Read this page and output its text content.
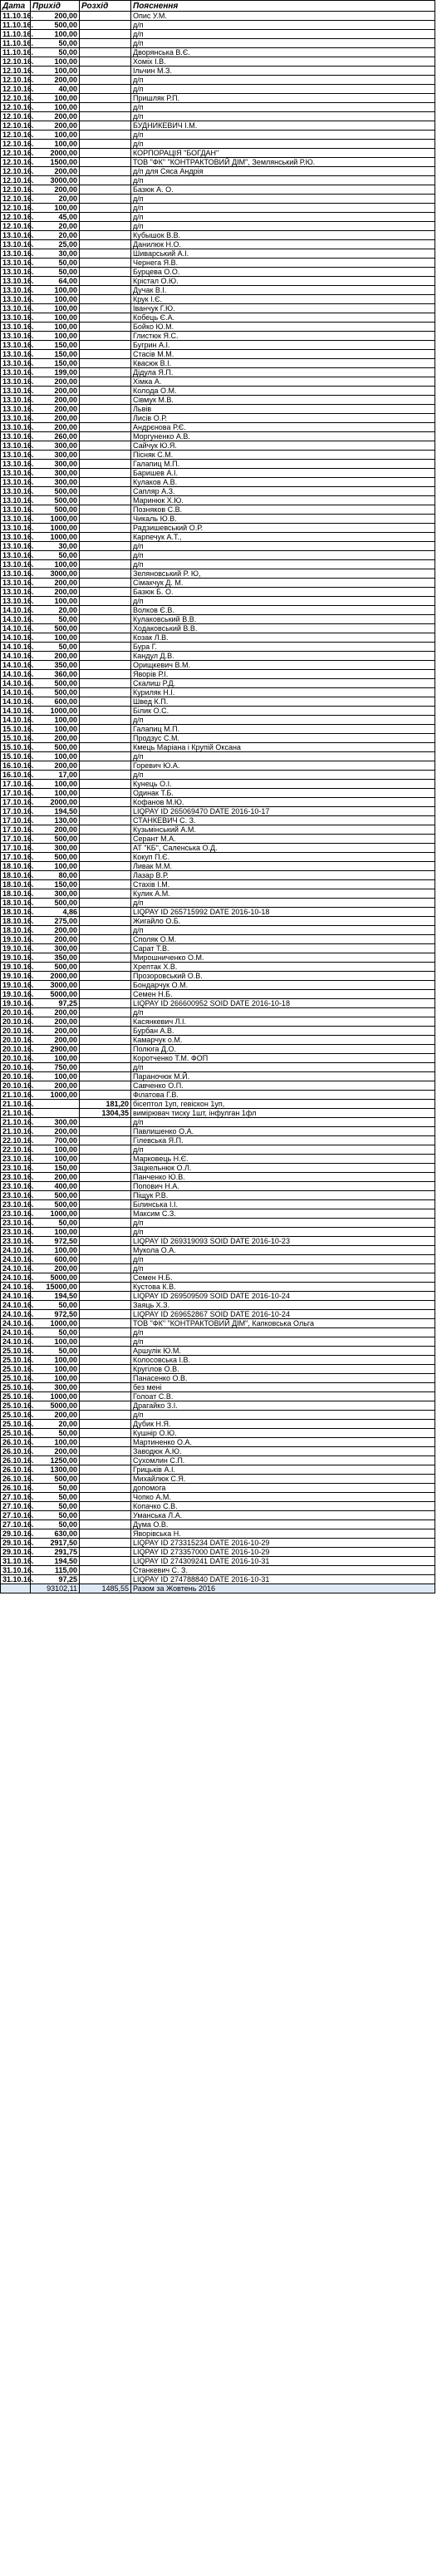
Дата	Прихід	Розхід	Пояснення
11.10.16.	200,00		Опис У.М.
11.10.16.	500,00		д/п
11.10.16.	100,00		д/п
11.10.16.	50,00		д/п
11.10.16.	50,00		Дворянська В.Є.
12.10.16.	100,00		Хоміх І.В.
12.10.16.	100,00		Ільчин М.З.
12.10.16.	200,00		д/п
12.10.16.	40,00		д/п
12.10.16.	100,00		Пришляк Р.П.
12.10.16.	100,00		д/п
12.10.16.	200,00		д/п
12.10.16.	200,00		БУДНИКЕВИЧ І.М.
12.10.16.	100,00		д/п
12.10.16.	100,00		д/п
12.10.16.	2000,00		КОРПОРАЦІЯ "БОГДАН"
12.10.16.	1500,00		ТОВ "ФК" "КОНТРАКТОВИЙ ДІМ", Землянський Р.Ю.
12.10.16.	200,00		д/п для Сяса Андрія
12.10.16.	3000,00		д/п
12.10.16.	200,00		Базюк А. О.
12.10.16.	20,00		д/п
12.10.16.	100,00		д/п
12.10.16.	45,00		д/п
12.10.16.	20,00		д/п
13.10.16.	20,00		Кубышок В.В.
13.10.16.	25,00		Данилюк Н.О.
13.10.16.	30,00		Шиварський А.І.
13.10.16.	50,00		Чернега Я.В.
13.10.16.	50,00		Бурцева О.О.
13.10.16.	64,00		Крістал О.Ю.
13.10.16.	100,00		Дучак В.І.
13.10.16.	100,00		Крук І.Є.
13.10.16.	100,00		Іванчук Г.Ю.
13.10.16.	100,00		Кобець Є.А.
13.10.16.	100,00		Бойко Ю.М.
13.10.16.	100,00		Глистюк Я.С.
13.10.16.	150,00		Бугрин А.І.
13.10.16.	150,00		Стасів М.М.
13.10.16.	150,00		Квасюк В.І.
13.10.16.	199,00		Дідула Я.П.
13.10.16.	200,00		Хімка А.
13.10.16.	200,00		Колода О.М.
13.10.16.	200,00		Сівмук М.В.
13.10.16.	200,00		Львів
13.10.16.	200,00		Лисів О.Р.
13.10.16.	200,00		Андрєнова Р.Є.
13.10.16.	260,00		Моргуненко А.В.
13.10.16.	300,00		Сайчук Ю.Я.
13.10.16.	300,00		Пісняк С.М.
13.10.16.	300,00		Галапиц М.П.
13.10.16.	300,00		Баришев А.І.
13.10.16.	300,00		Кулаков А.В.
13.10.16.	500,00		Сапляр А.З.
13.10.16.	500,00		Маринюк Х.Ю.
13.10.16.	500,00		Позняков С.В.
13.10.16.	1000,00		Чикаль Ю.В.
13.10.16.	1000,00		Радзишевський О.Р.
13.10.16.	1000,00		Карпечук А.Т.,
13.10.16.	30,00		д/п
13.10.16.	50,00		д/п
13.10.16.	100,00		д/п
13.10.16.	3000,00		Зеляновський Р. Ю,
13.10.16.	200,00		Сімакчук Д. М.
13.10.16.	200,00		Базюк Б. О.
13.10.16.	100,00		д/п
14.10.16.	20,00		Волков Є.В.
14.10.16.	50,00		Кулаковський В.В.
14.10.16.	500,00		Ходаковський В.В.
14.10.16.	100,00		Козак Л.В.
14.10.16.	50,00		Бура Г.
14.10.16.	200,00		Кандул Д.В.
14.10.16.	350,00		Орищкевич В.М.
14.10.16.	360,00		Яворів Р.І.
14.10.16.	500,00		Скалиш Р.Д.
14.10.16.	500,00		Куриляк Н.І.
14.10.16.	600,00		Швед К.П.
14.10.16.	1000,00		Білик О.С.
14.10.16.	100,00		д/п
15.10.16.	100,00		Галапиц М.П.
15.10.16.	200,00		Продзус С.М.
15.10.16.	500,00		Кмець Маріана і Крупій Оксана
15.10.16.	100,00		д/п
16.10.16.	200,00		Горевич Ю.А.
16.10.16.	17,00		д/п
17.10.16.	100,00		Кунець О.І.
17.10.16.	100,00		Одинак Т.Б.
17.10.16.	2000,00		Кофанов М.Ю.
17.10.16.	194,50		LIQPAY ID 265069470 DATE 2016-10-17
17.10.16.	130,00		СТАНКЕВИЧ С. З.
17.10.16.	200,00		Кузьмінський А.М.
17.10.16.	500,00		Серант М.А.
17.10.16.	300,00		АТ "КБ", Саленська О.Д.
17.10.16.	500,00		Кокуп П.Є.
18.10.16.	100,00		Ливак М.М.
18.10.16.	80,00		Лазар В.Р.
18.10.16.	150,00		Стахів І.М.
18.10.16.	300,00		Кулик А.М.
18.10.16.	500,00		д/п
18.10.16.	4,86		LIQPAY ID 265715992 DATE 2016-10-18
18.10.16.	275,00		Жигайло О.Б.
18.10.16.	200,00		д/п
19.10.16.	200,00		Споляк О.М.
19.10.16.	300,00		Сарат Т.В.
19.10.16.	350,00		Мирошниченко О.М.
19.10.16.	500,00		Хрептак Х.В.
19.10.16.	2000,00		Прозоровський О.В.
19.10.16.	3000,00		Бондарчук О.М.
19.10.16.	5000,00		Семен Н.Б.
19.10.16.	97,25		LIQPAY ID 266600952 SOID DATE 2016-10-18
20.10.16.	200,00		д/п
20.10.16.	200,00		Касянкевич Л.І.
20.10.16.	200,00		Бурбан А.В.
20.10.16.	200,00		Камарчук о.М.
20.10.16.	2900,00		Полюга Д.О.
20.10.16.	100,00		Коротченко Т.М. ФОП
20.10.16.	750,00		д/п
20.10.16.	100,00		Параночюк М.Й.
20.10.16.	200,00		Савченко О.П.
21.10.16.	1000,00		Філатова Г.В.
21.10.16.		181,20	бісептол 1уп, гевіскон 1уп,
21.10.16.		1304,35	вимірювач тиску 1шт, інфулган 1фл
21.10.16.	300,00		д/п
21.10.16.	200,00		Павлишенко О.А.
22.10.16.	700,00		Гілевська Я.П.
22.10.16.	100,00		д/п
23.10.16.	100,00		Марковець Н.Є.
23.10.16.	150,00		Зацкельнюк О.Л.
23.10.16.	200,00		Панченко Ю.В.
23.10.16.	400,00		Попович Н.А.
23.10.16.	500,00		Піщук Р.В.
23.10.16.	500,00		Білинська І.І.
23.10.16.	1000,00		Максим С.З.
23.10.16.	50,00		д/п
23.10.16.	100,00		д/п
23.10.16.	972,50		LIQPAY ID 269319093 SOID DATE 2016-10-23
24.10.16.	100,00		Мукола О.А.
24.10.16.	600,00		д/п
24.10.16.	200,00		д/п
24.10.16.	5000,00		Семен Н.Б.
24.10.16.	15000,00		Кустова К.В.
24.10.16.	194,50		LIQPAY ID 269509509 SOID DATE 2016-10-24
24.10.16.	50,00		Заяць Х.З.
24.10.16.	972,50		LIQPAY ID 269652867 SOID DATE 2016-10-24
24.10.16.	1000,00		ТОВ "ФК" "КОНТРАКТОВИЙ ДІМ", Капковська Ольга
24.10.16.	50,00		д/п
24.10.16.	100,00		д/п
25.10.16.	50,00		Аршулік Ю.М.
25.10.16.	100,00		Колосовська І.В.
25.10.16.	100,00		Кругілов О.В.
25.10.16.	100,00		Панасенко О.В.
25.10.16.	300,00		без мені
25.10.16.	1000,00		Голоат С.В.
25.10.16.	5000,00		Драгайко З.І.
25.10.16.	200,00		д/п
25.10.16.	20,00		Дубик Н.Я.
25.10.16.	50,00		Кушнір О.Ю.
26.10.16.	100,00		Мартиненко О.А.
26.10.16.	200,00		Заводюк А.Ю.
26.10.16.	1250,00		Сухомлин С.П.
26.10.16.	1300,00		Грицьків А.І.
26.10.16.	500,00		Михайлюк С.Я.
26.10.16.	50,00		допомога
27.10.16.	50,00		Чопко А.М.
27.10.16.	50,00		Копачко С.В.
27.10.16.	50,00		Уманська Л.А.
27.10.16.	50,00		Дума О.В.
29.10.16.	630,00		Яворівська Н.
29.10.16.	2917,50		LIQPAY ID 273315234 DATE 2016-10-29
29.10.16.	291,75		LIQPAY ID 273357000 DATE 2016-10-29
31.10.16.	194,50		LIQPAY ID 274309241 DATE 2016-10-31
31.10.16.	115,00		Станкевич С. З.
31.10.16.	97,25		LIQPAY ID 274788840 DATE 2016-10-31
	93102,11	1485,55	Разом за Жовтень 2016
